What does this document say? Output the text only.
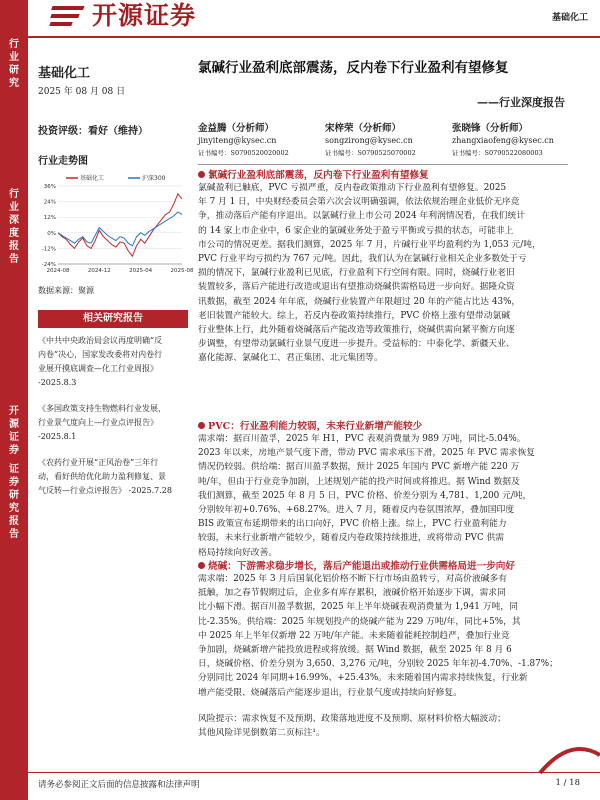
行
业
研
究
行
业
深
度
报
告
开
源
证
券
证
券
研
究
报
告
开源证券	基础化工
基础化工
2025 年 08 月 08 日
投资评级：看好（维持）
行业走势图
36%
24%
12%
0%
-12%
-24%
2024-08	2024-12	2025-04	2025-08
基础化工	沪深300
数据来源：聚源
相关研究报告
《中共中央政治局会议再度明确“反
内卷”决心，国家发改委将对内卷行
业展开摸底调查—化工行业周报》
-2025.8.3
《多国政策支持生物燃料行业发展，
行业景气度向上—行业点评报告》
-2025.8.1
《农药行业开展“正风治卷”三年行
动，看好供给优化助力盈利修复、景
气反转—行业点评报告》 -2025.7.28
氯碱行业盈利底部震荡，反内卷下行业盈利有望修复
——行业深度报告
金益腾（分析师）
jinyiteng@kysec.cn
证书编号：S0790520020002
宋梓荣（分析师）
songzirong@kysec.cn
证书编号：S0790525070002
张晓锋（分析师）
zhangxiaofeng@kysec.cn
证书编号：S0790522080003
氯碱行业盈利底部震荡，反内卷下行业盈利有望修复
氯碱盈利已触底，PVC 亏损严重，反内卷政策推动下行业盈利有望修复。2025
年 7 月 1 日，中央财经委员会第六次会议明确强调，依法依规治理企业低价无序竞
争，推动落后产能有序退出。以氯碱行业上市公司 2024 年利润情况看，在我们统计
的 14 家上市企业中，6 家企业的氯碱业务处于盈亏平衡或亏损的状态，可能非上
市公司的情况更差。据我们测算，2025 年 7 月，片碱行业平均盈利约为 1,053 元/吨，
PVC 行业平均亏损约为 767 元/吨。因此，我们认为在氯碱行业相关企业多数处于亏
损的情况下，氯碱行业盈利已见底，行业盈利下行空间有限。同时，烧碱行业老旧
装置较多，落后产能进行改造或退出有望推动烧碱供需格局进一步向好。据隆众资
讯数据，截至 2024 年年底，烧碱行业装置产年限超过 20 年的产能占比达 43%，
老旧装置产能较大。综上，若反内卷政策持续推行，PVC 价格上涨有望带动氯碱
行业整体上行，此外随着烧碱落后产能改造等政策推行，烧碱供需向紧平衡方向逐
步调整，有望带动氯碱行业景气度进一步提升。受益标的：中泰化学、新疆天业、
嘉化能源、氯碱化工、君正集团、北元集团等。
PVC：行业盈利能力较弱，未来行业新增产能较少
需求端：据百川盈孚，2025 年 H1，PVC 表观消费量为 989 万吨，同比-5.04%。
2023 年以来，房地产景气度下滑，带动 PVC 需求承压下滑，2025 年 PVC 需求恢复
情况仍较弱。供给端：据百川盈孚数据，预计 2025 年国内 PVC 新增产能 220 万
吨/年，但由于行业竞争加剧，上述规划产能的投产时间或将推迟。据 Wind 数据及
我们测算，截至 2025 年 8 月 5 日，PVC 价格、价差分别为 4,781、1,200 元/吨，
分别较年初+0.76%、+68.27%。进入 7 月，随着反内卷氛围浓厚，叠加国印度
BIS 政策宣布延期带来的出口向好，PVC 价格上涨。综上，PVC 行业盈利能力
较弱，未来行业新增产能较少，随着反内卷政策持续推进，或将带动 PVC 供需
格局持续向好改善。
烧碱：下游需求稳步增长，落后产能退出或推动行业供需格局进一步向好
需求端：2025 年 3 月后国氧化铝价格不断下行市场由盈转亏，对高价液碱多有
抵触，加之春节假期过后，企业多有库存累积，液碱价格开始逐步下调，需求同
比小幅下滑。据百川盈孚数据，2025 年上半年烧碱表观消费量为 1,941 万吨，同
比-2.35%。供给端：2025 年规划投产的烧碱产能为 229 万吨/年，同比+5%，其
中 2025 年上半年仅新增 22 万吨/年产能。未来随着能耗控制趋严，叠加行业竞
争加剧，烧碱新增产能投放进程或将放缓。据 Wind 数据，截至 2025 年 8 月 6
日，烧碱价格、价差分别为 3,650、3,276 元/吨，分别较 2025 年年初-4.70%、-1.87%；
分别同比 2024 年同期+16.99%、+25.43%。未来随着国内需求持续恢复，行业新
增产能受限、烧碱落后产能逐步退出，行业景气度或持续向好修复。
风险提示：需求恢复不及预期、政策落地进度不及预期、原材料价格大幅波动；
其他风险详见倒数第二页标注¹。
请务必参阅正文后面的信息披露和法律声明	1 / 18
